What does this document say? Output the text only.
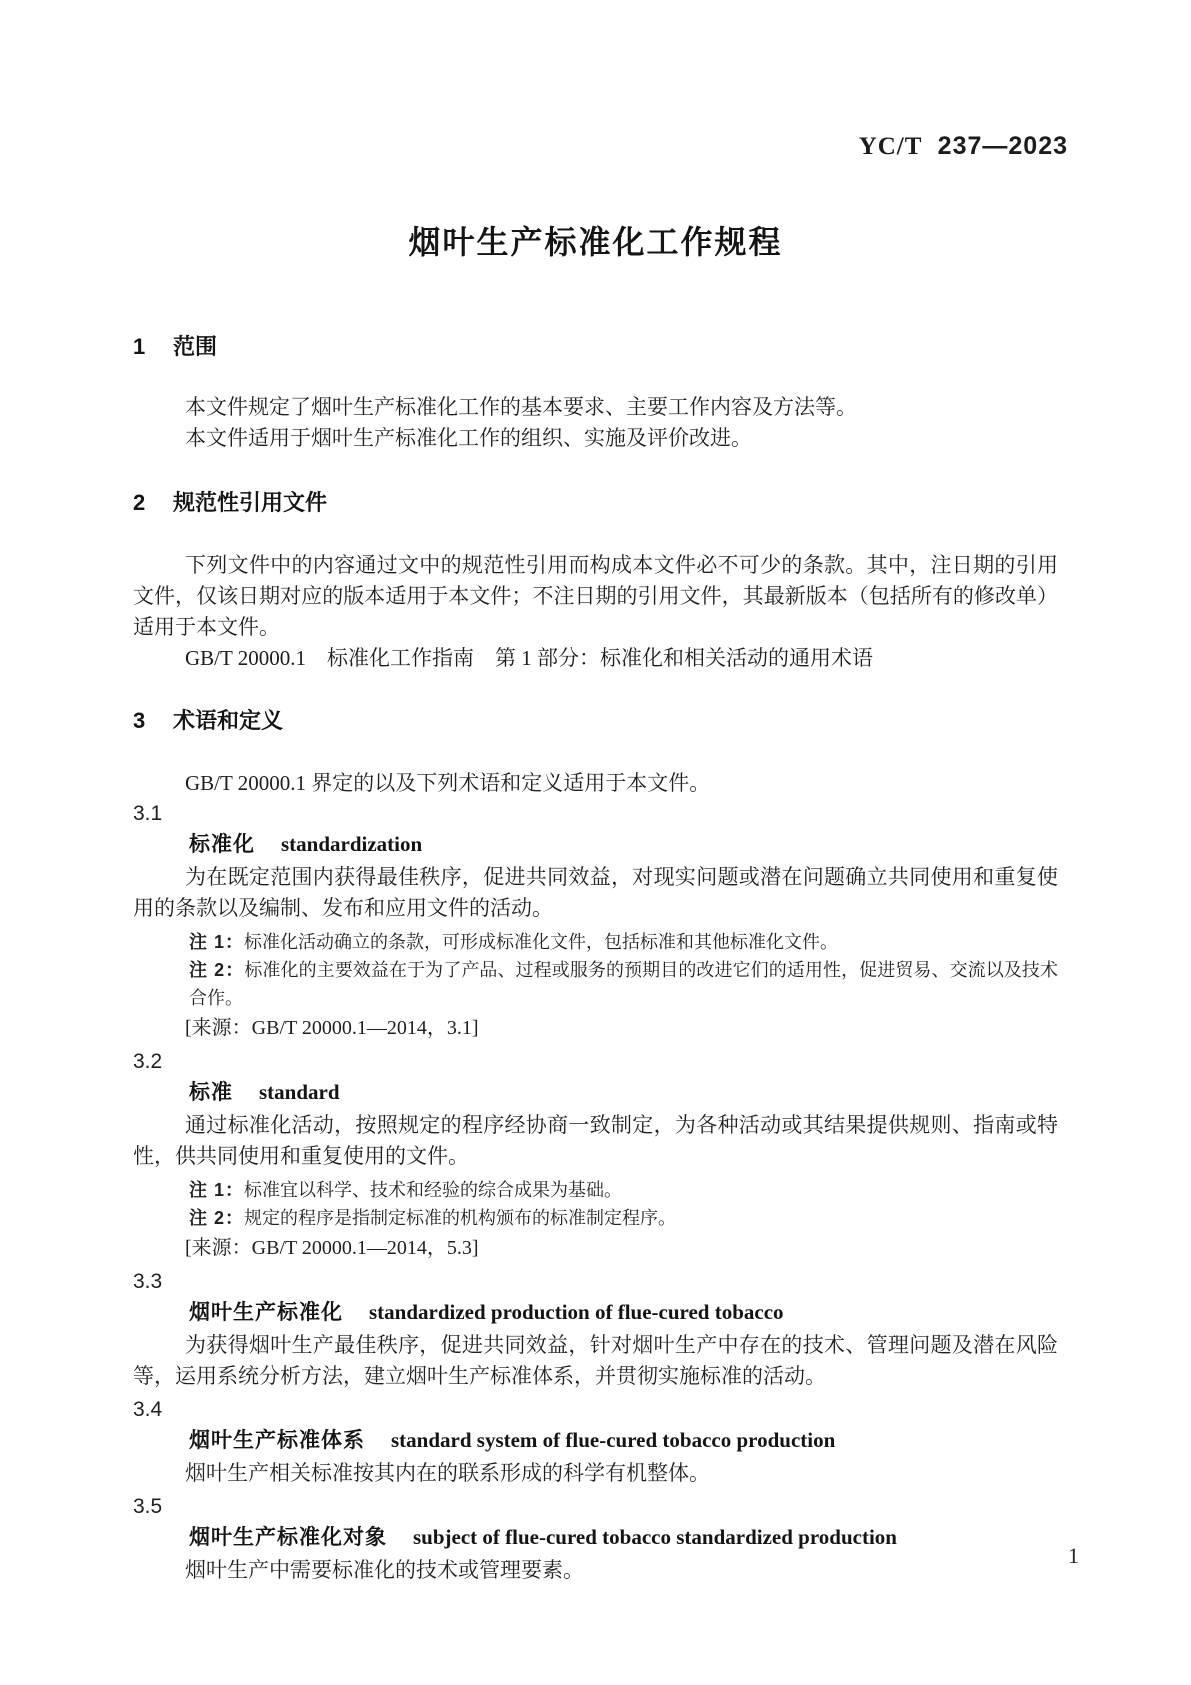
YC/T 237—2023
烟叶生产标准化工作规程
1 范围
本文件规定了烟叶生产标准化工作的基本要求、主要工作内容及方法等。
本文件适用于烟叶生产标准化工作的组织、实施及评价改进。
2 规范性引用文件
下列文件中的内容通过文中的规范性引用而构成本文件必不可少的条款。其中，注日期的引用文件，仅该日期对应的版本适用于本文件；不注日期的引用文件，其最新版本（包括所有的修改单）适用于本文件。
GB/T 20000.1　标准化工作指南　第 1 部分：标准化和相关活动的通用术语
3 术语和定义
GB/T 20000.1 界定的以及下列术语和定义适用于本文件。
3.1
标准化 standardization
为在既定范围内获得最佳秩序，促进共同效益，对现实问题或潜在问题确立共同使用和重复使用的条款以及编制、发布和应用文件的活动。
注 1：标准化活动确立的条款，可形成标准化文件，包括标准和其他标准化文件。
注 2：标准化的主要效益在于为了产品、过程或服务的预期目的改进它们的适用性，促进贸易、交流以及技术合作。
[来源：GB/T 20000.1—2014，3.1]
3.2
标准 standard
通过标准化活动，按照规定的程序经协商一致制定，为各种活动或其结果提供规则、指南或特性，供共同使用和重复使用的文件。
注 1：标准宜以科学、技术和经验的综合成果为基础。
注 2：规定的程序是指制定标准的机构颁布的标准制定程序。
[来源：GB/T 20000.1—2014，5.3]
3.3
烟叶生产标准化 standardized production of flue-cured tobacco
为获得烟叶生产最佳秩序，促进共同效益，针对烟叶生产中存在的技术、管理问题及潜在风险等，运用系统分析方法，建立烟叶生产标准体系，并贯彻实施标准的活动。
3.4
烟叶生产标准体系 standard system of flue-cured tobacco production
烟叶生产相关标准按其内在的联系形成的科学有机整体。
3.5
烟叶生产标准化对象 subject of flue-cured tobacco standardized production
烟叶生产中需要标准化的技术或管理要素。
1
